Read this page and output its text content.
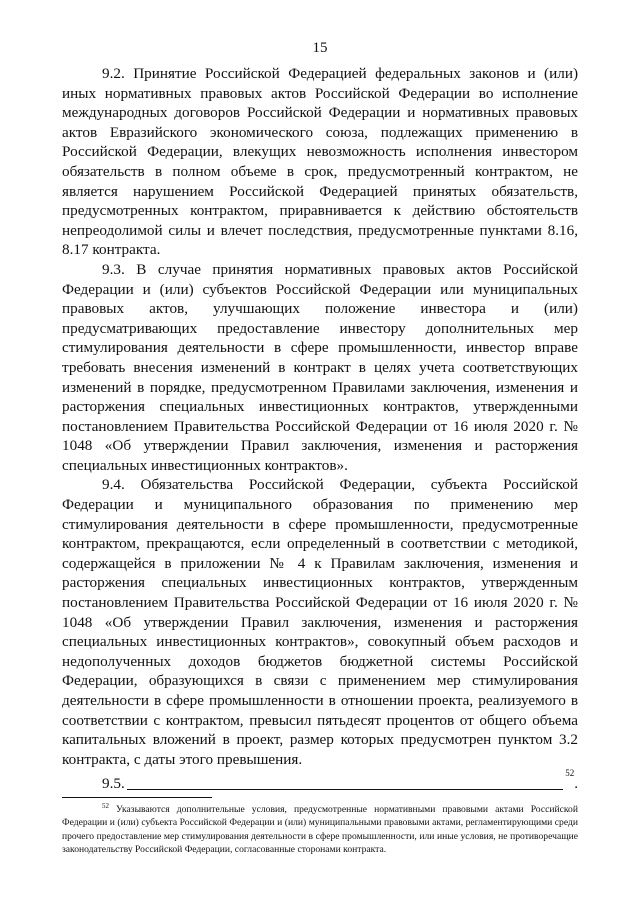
15

9.2. Принятие Российской Федерацией федеральных законов и (или) иных нормативных правовых актов Российской Федерации во исполнение международных договоров Российской Федерации и нормативных правовых актов Евразийского экономического союза, подлежащих применению в Российской Федерации, влекущих невозможность исполнения инвестором обязательств в полном объеме в срок, предусмотренный контрактом, не является нарушением Российской Федерацией принятых обязательств, предусмотренных контрактом, приравнивается к действию обстоятельств непреодолимой силы и влечет последствия, предусмотренные пунктами 8.16, 8.17 контракта.

9.3. В случае принятия нормативных правовых актов Российской Федерации и (или) субъектов Российской Федерации или муниципальных правовых актов, улучшающих положение инвестора и (или) предусматривающих предоставление инвестору дополнительных мер стимулирования деятельности в сфере промышленности, инвестор вправе требовать внесения изменений в контракт в целях учета соответствующих изменений в порядке, предусмотренном Правилами заключения, изменения и расторжения специальных инвестиционных контрактов, утвержденными постановлением Правительства Российской Федерации от 16 июля 2020 г. № 1048 «Об утверждении Правил заключения, изменения и расторжения специальных инвестиционных контрактов».

9.4. Обязательства Российской Федерации, субъекта Российской Федерации и муниципального образования по применению мер стимулирования деятельности в сфере промышленности, предусмотренные контрактом, прекращаются, если определенный в соответствии с методикой, содержащейся в приложении № 4 к Правилам заключения, изменения и расторжения специальных инвестиционных контрактов, утвержденным постановлением Правительства Российской Федерации от 16 июля 2020 г. № 1048 «Об утверждении Правил заключения, изменения и расторжения специальных инвестиционных контрактов», совокупный объем расходов и недополученных доходов бюджетов бюджетной системы Российской Федерации, образующихся в связи с применением мер стимулирования деятельности в сфере промышленности в отношении проекта, реализуемого в соответствии с контрактом, превысил пятьдесят процентов от общего объема капитальных вложений в проект, размер которых предусмотрен пунктом 3.2 контракта, с даты этого превышения.

9.5.
$^{52}$
.

$^{52}$ Указываются дополнительные условия, предусмотренные нормативными правовыми актами Российской Федерации и (или) субъекта Российской Федерации и (или) муниципальными правовыми актами, регламентирующими среди прочего предоставление мер стимулирования деятельности в сфере промышленности, или иные условия, не противоречащие законодательству Российской Федерации, согласованные сторонами контракта.
